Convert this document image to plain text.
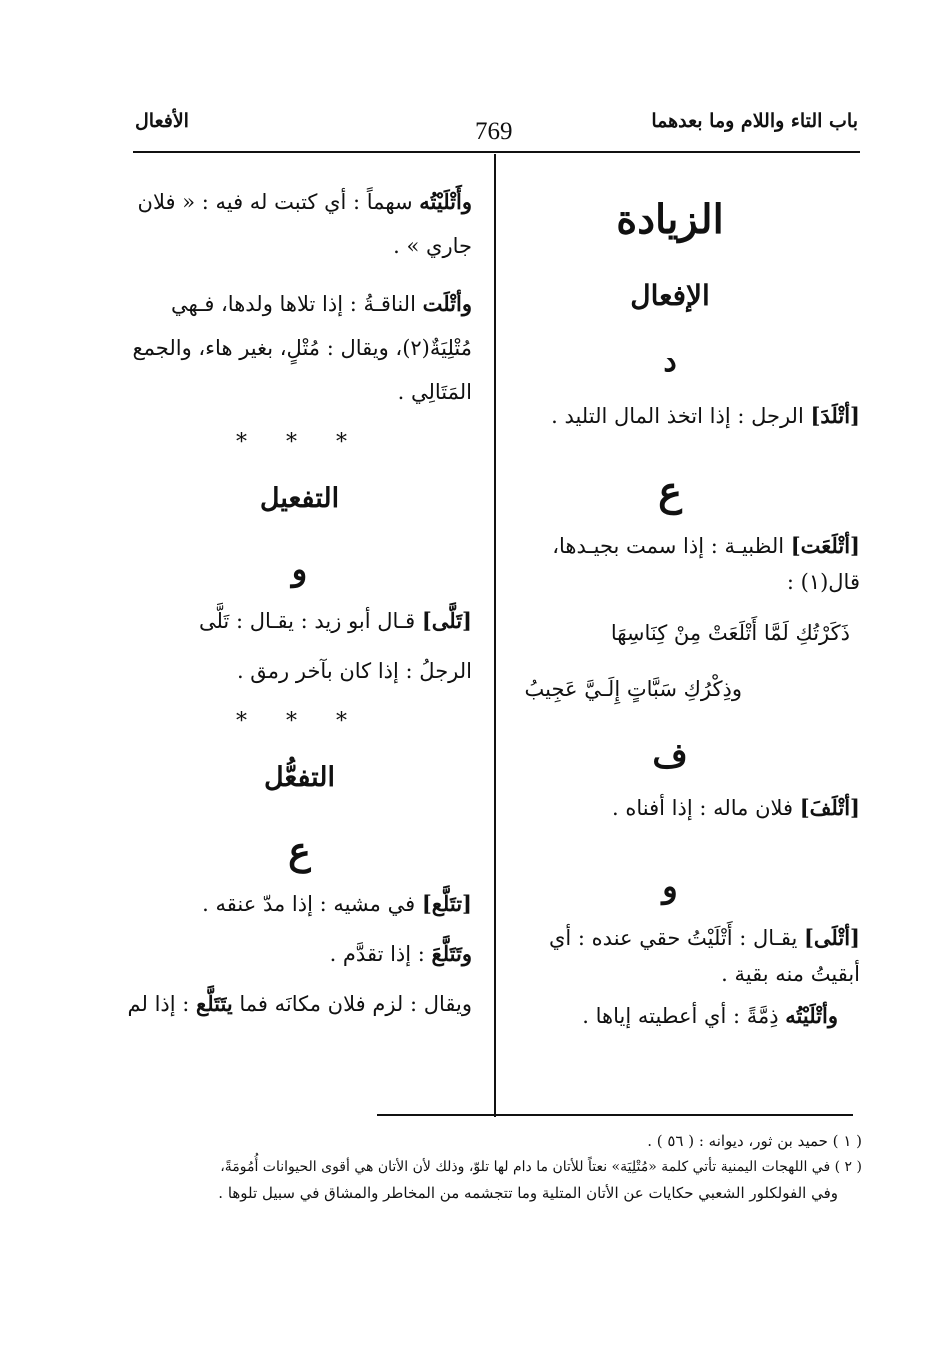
باب التاء واللام وما بعدهما
769
الأفعال
الزيادة
الإفعال
د

[أتْلَدَ] الرجل : إذا اتخذ المال التليد .

ع

[أتْلَعَت] الظبيـة : إذا سمت بجيـدها،

قال(١) :

ذَكَرْتُكِ لَمَّا أَتْلَعَتْ مِنْ كِنَاسِهَا
وذِكْرُكِ سَبَّاتٍ إِلَـيَّ عَجِيبُ
ف

[أتْلَفَ] فلان ماله : إذا أفناه .

و

[أتْلَى] يقـال : أَتْلَيْتُ حقي عنده : أي

أبقيتُ منه بقية .

وأتْلَيْتُه ذِمَّةً : أي أعطيته إياها .

وأَتْلَيْتُه سهماً : أي كتبت له فيه : « فلان

جاري » .

وأتْلَت الناقـةُ : إذا تلاها ولدها، فـهي

مُتْلِيَةٌ(٢)، ويقال : مُتْلٍ، بغير هاء، والجمع

المَتَالِي .

* * *
التفعيل
و

[تَلَّى] قـال أبو زيد : يقـال : تَلَّى

الرجلُ : إذا كان بآخر رمق .

* * *
التفعُّل
ع

[تتَلَّع] في مشيه : إذا مدّ عنقه .

وتَتَلَّعَ : إذا تقدَّم .

ويقال : لزم فلان مكانَه فما يتَتَلَّع : إذا لم

( ١ ) حميد بن ثور، ديوانه : ( ٥٦ ) .

( ٢ ) في اللهجات اليمنية تأتي كلمة «مُتْلِيَة» نعتاً للأتان ما دام لها تلوّ، وذلك لأن الأتان هي أقوى الحيوانات أُمُومَةً،

وفي الفولكلور الشعبي حكايات عن الأتان المتلية وما تتجشمه من المخاطر والمشاق في سبيل تلوها .
